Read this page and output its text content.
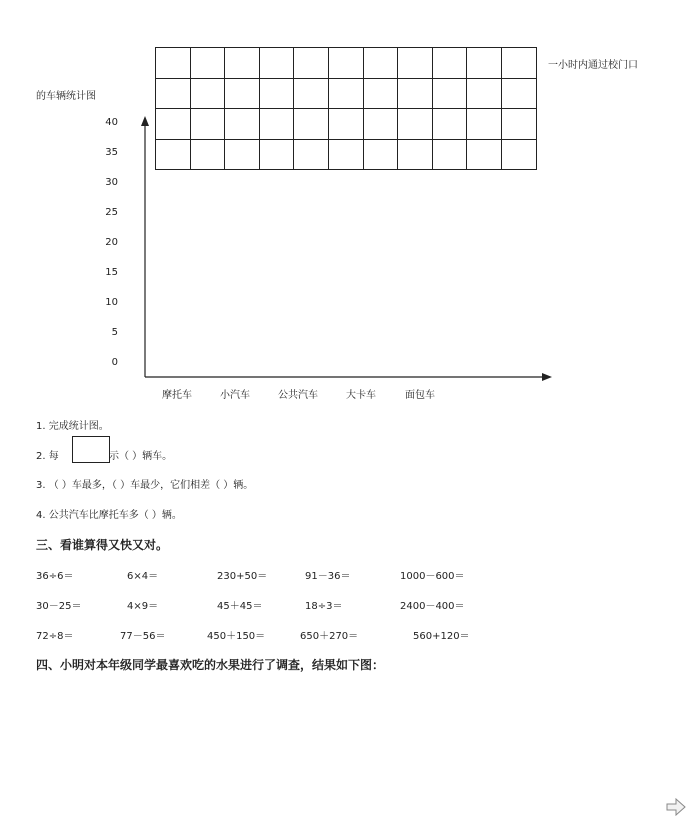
一小时内通过校门口
的车辆统计图

40
35
30
25
20
15
10
5
0
摩托车	小汽车	公共汽车	大卡车	面包车
1. 完成统计图。
2. 每	示（ ）辆车。
3. （ ）车最多，（ ）车最少，它们相差（ ）辆。
4. 公共汽车比摩托车多（ ）辆。
三、看谁算得又快又对。
36÷6＝	6×4＝	230+50＝	91－36＝	1000－600＝
30－25＝	4×9＝	45＋45＝	18÷3＝	2400－400＝
72÷8＝	77－56＝	450＋150＝	650＋270＝	560+120＝
四、小明对本年级同学最喜欢吃的水果进行了调查，结果如下图：
